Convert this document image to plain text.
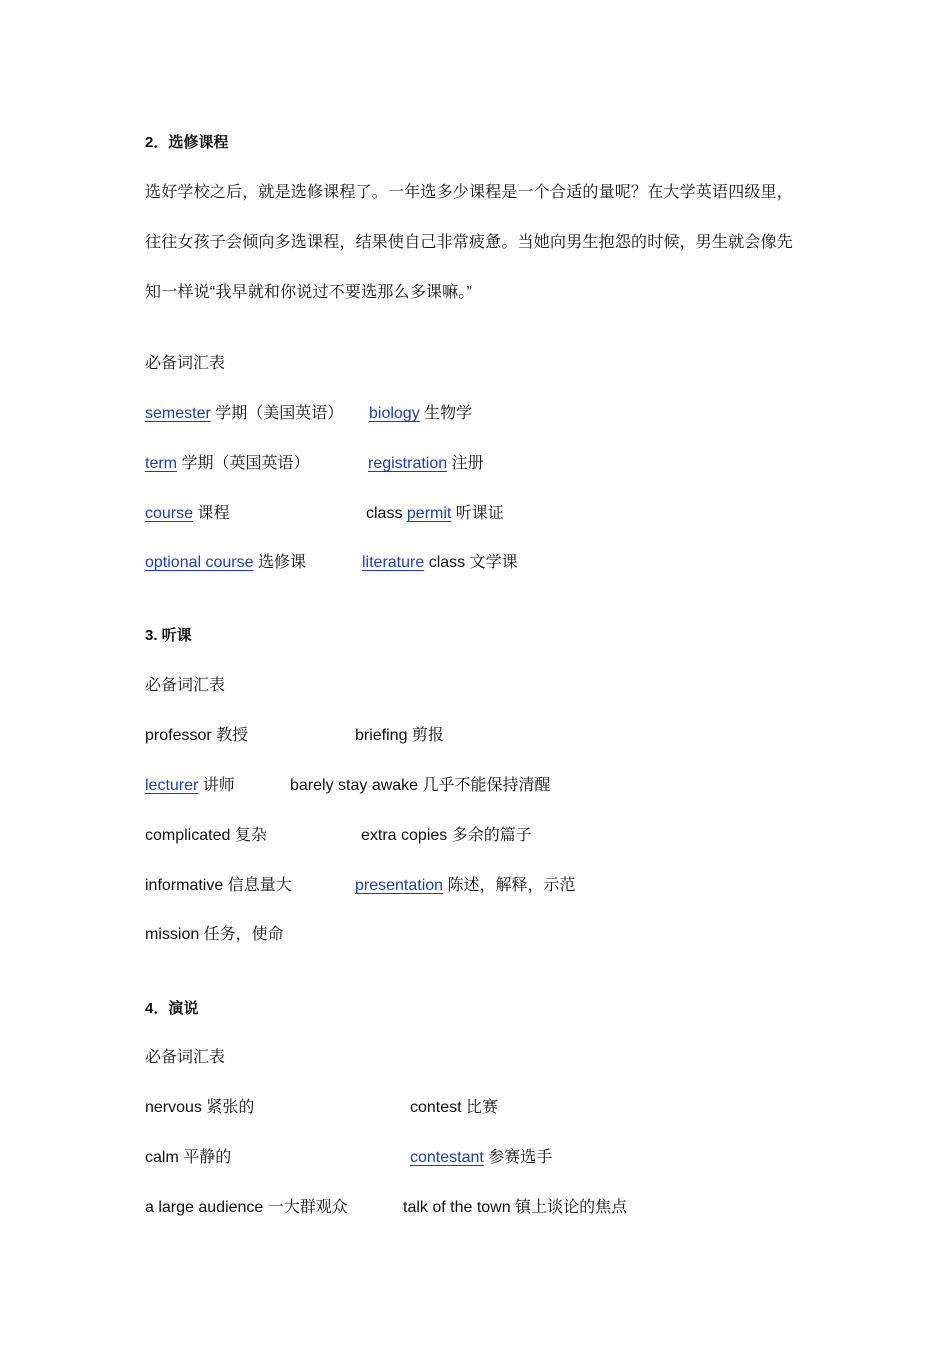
2．选修课程
选好学校之后，就是选修课程了。一年选多少课程是一个合适的量呢？在大学英语四级里，
往往女孩子会倾向多选课程，结果使自己非常疲惫。当她向男生抱怨的时候，男生就会像先
知一样说“我早就和你说过不要选那么多课嘛。”
必备词汇表
semester 学期（美国英语） biology 生物学
term 学期（英国英语）	registration 注册
course 课程	class permit 听课证
optional course 选修课	literature class 文学课
3. 听课
必备词汇表
professor 教授	briefing 剪报
lecturer 讲师	barely stay awake 几乎不能保持清醒
complicated 复杂	extra copies 多余的篇子
informative 信息量大	presentation 陈述，解释，示范
mission 任务，使命
4．演说
必备词汇表
nervous 紧张的	contest 比赛
calm 平静的	contestant 参赛选手
a large audience 一大群观众	talk of the town 镇上谈论的焦点
